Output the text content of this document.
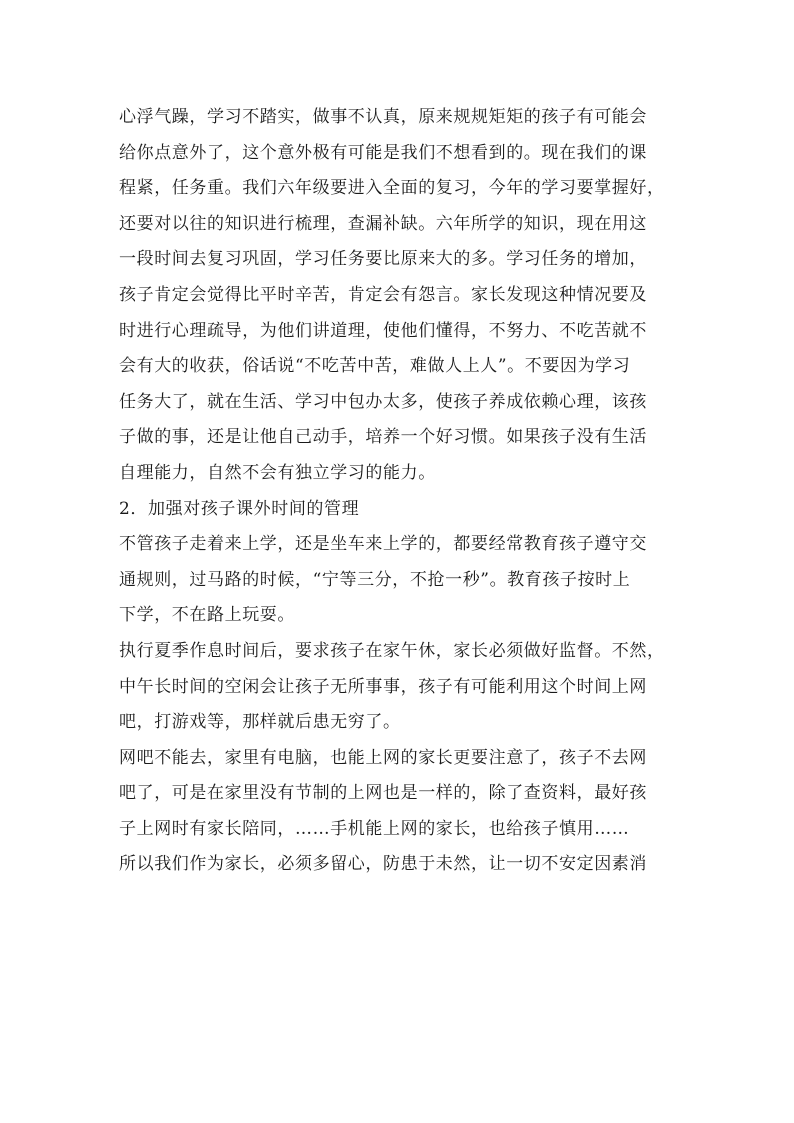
心浮气躁，学习不踏实，做事不认真，原来规规矩矩的孩子有可能会
给你点意外了，这个意外极有可能是我们不想看到的。现在我们的课
程紧，任务重。我们六年级要进入全面的复习，今年的学习要掌握好，
还要对以往的知识进行梳理，查漏补缺。六年所学的知识，现在用这
一段时间去复习巩固，学习任务要比原来大的多。学习任务的增加，
孩子肯定会觉得比平时辛苦，肯定会有怨言。家长发现这种情况要及
时进行心理疏导，为他们讲道理，使他们懂得，不努力、不吃苦就不
会有大的收获，俗话说“不吃苦中苦，难做人上人”。不要因为学习
任务大了，就在生活、学习中包办太多，使孩子养成依赖心理，该孩
子做的事，还是让他自己动手，培养一个好习惯。如果孩子没有生活
自理能力，自然不会有独立学习的能力。
2．加强对孩子课外时间的管理
不管孩子走着来上学，还是坐车来上学的，都要经常教育孩子遵守交
通规则，过马路的时候，“宁等三分，不抢一秒”。教育孩子按时上
下学，不在路上玩耍。
执行夏季作息时间后，要求孩子在家午休，家长必须做好监督。不然，
中午长时间的空闲会让孩子无所事事，孩子有可能利用这个时间上网
吧，打游戏等，那样就后患无穷了。
网吧不能去，家里有电脑，也能上网的家长更要注意了，孩子不去网
吧了，可是在家里没有节制的上网也是一样的，除了查资料，最好孩
子上网时有家长陪同，……手机能上网的家长，也给孩子慎用……
所以我们作为家长，必须多留心，防患于未然，让一切不安定因素消
